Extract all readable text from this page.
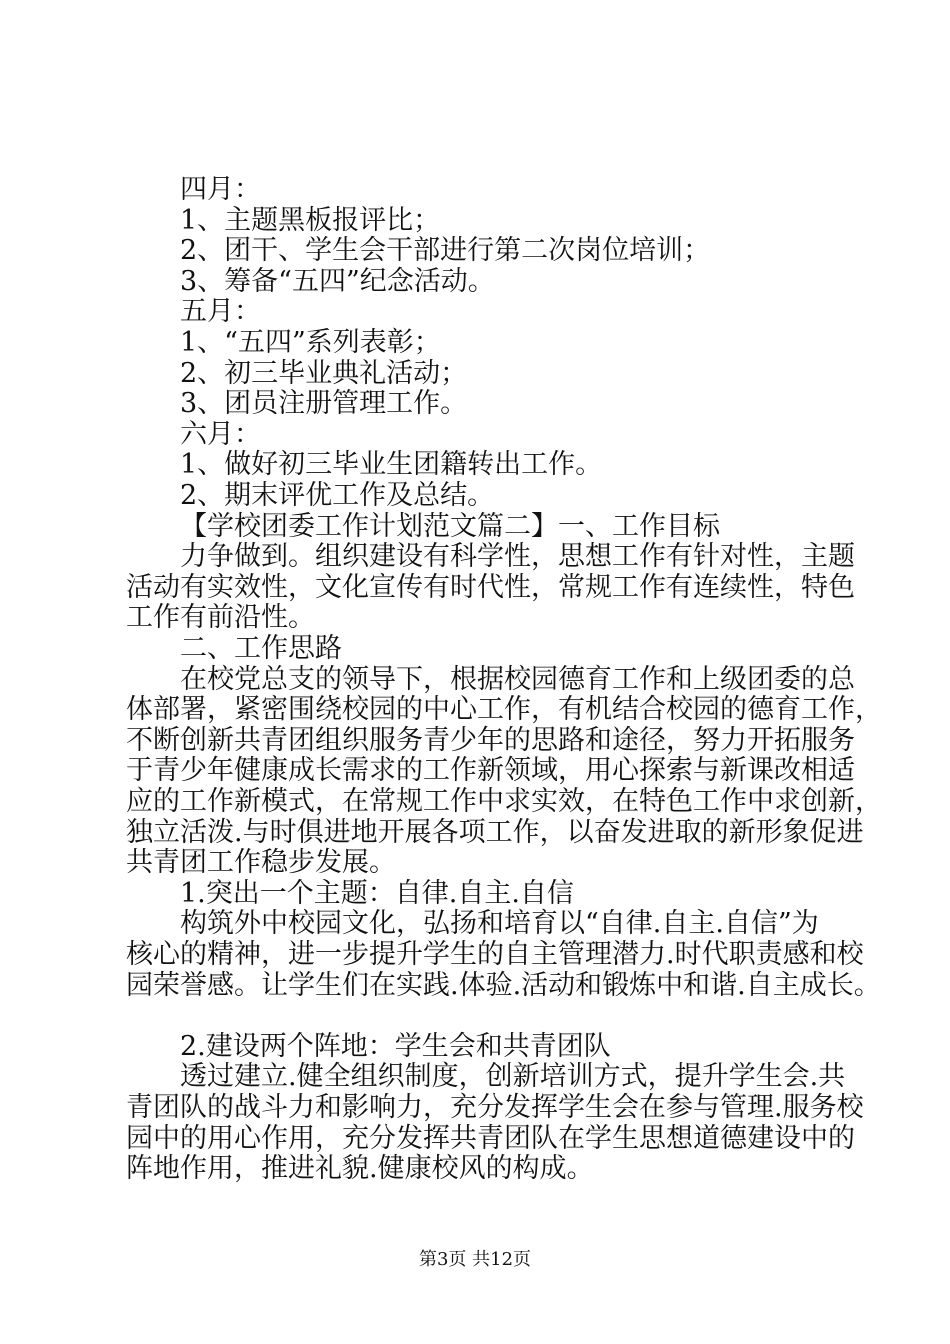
四月：
1、主题黑板报评比；
2、团干、学生会干部进行第二次岗位培训；
3、筹备“五四”纪念活动。
五月：
1、“五四”系列表彰；
2、初三毕业典礼活动；
3、团员注册管理工作。
六月：
1、做好初三毕业生团籍转出工作。
2、期末评优工作及总结。
【学校团委工作计划范文篇二】一、工作目标
力争做到。组织建设有科学性，思想工作有针对性，主题
活动有实效性，文化宣传有时代性，常规工作有连续性，特色
工作有前沿性。
二、工作思路
在校党总支的领导下，根据校园德育工作和上级团委的总
体部署，紧密围绕校园的中心工作，有机结合校园的德育工作，
不断创新共青团组织服务青少年的思路和途径，努力开拓服务
于青少年健康成长需求的工作新领域，用心探索与新课改相适
应的工作新模式，在常规工作中求实效，在特色工作中求创新，
独立活泼.与时俱进地开展各项工作，以奋发进取的新形象促进
共青团工作稳步发展。
1.突出一个主题：自律.自主.自信
构筑外中校园文化，弘扬和培育以“自律.自主.自信”为
核心的精神，进一步提升学生的自主管理潜力.时代职责感和校
园荣誉感。让学生们在实践.体验.活动和锻炼中和谐.自主成长。
2.建设两个阵地：学生会和共青团队
透过建立.健全组织制度，创新培训方式，提升学生会.共
青团队的战斗力和影响力，充分发挥学生会在参与管理.服务校
园中的用心作用，充分发挥共青团队在学生思想道德建设中的
阵地作用，推进礼貌.健康校风的构成。
第3页 共12页
